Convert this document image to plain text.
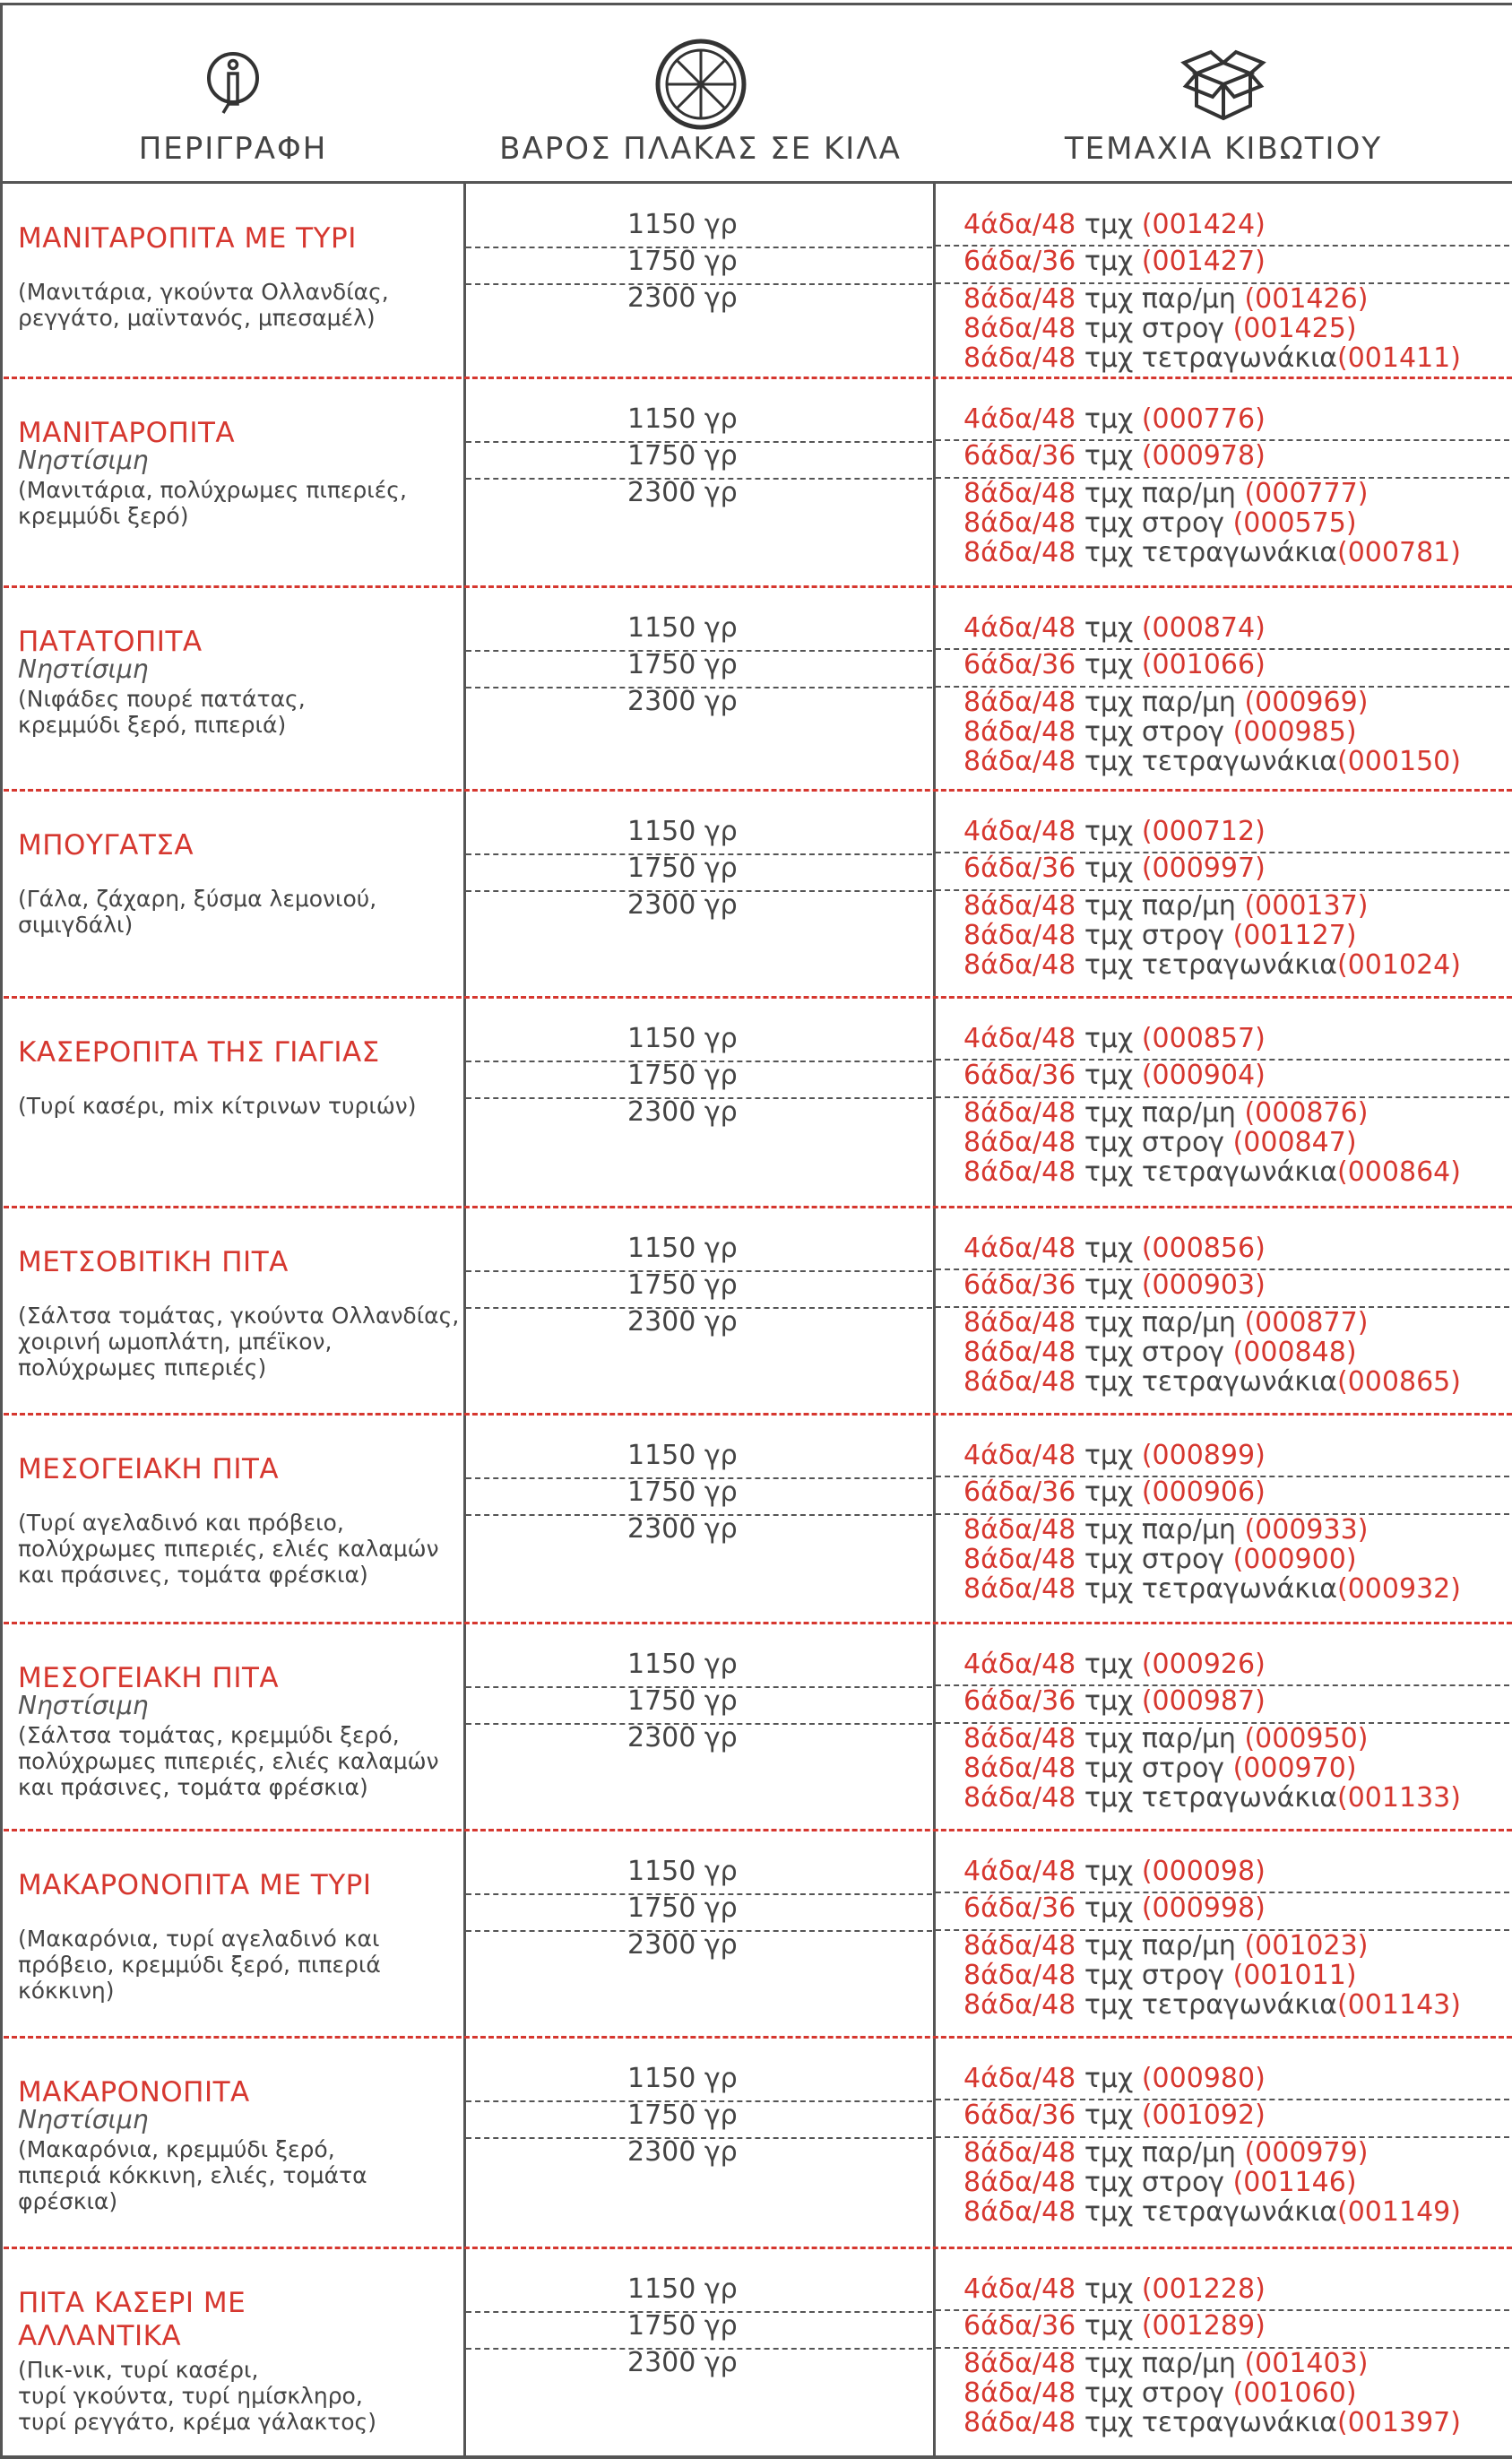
ΠΕΡΙΓΡΑΦΗ	ΒΑΡΟΣ ΠΛΑΚΑΣ ΣΕ ΚΙΛΑ	ΤΕΜΑΧΙΑ ΚΙΒΩΤΙΟΥ
ΜΑΝΙΤΑΡΟΠΙΤΑ ΜΕ ΤΥΡΙ
(Μανιτάρια, γκούντα Ολλανδίας,
ρεγγάτο, μαϊντανός, μπεσαμέλ)
1150 γρ
1750 γρ
2300 γρ
4άδα/48 τμχ (001424)
6άδα/36 τμχ (001427)
8άδα/48 τμχ παρ/μη (001426)
8άδα/48 τμχ στρογ (001425)
8άδα/48 τμχ τετραγωνάκια(001411)
ΜΑΝΙΤΑΡΟΠΙΤΑ
Νηστίσιμη
(Μανιτάρια, πολύχρωμες πιπεριές,
κρεμμύδι ξερό)
1150 γρ
1750 γρ
2300 γρ
4άδα/48 τμχ (000776)
6άδα/36 τμχ (000978)
8άδα/48 τμχ παρ/μη (000777)
8άδα/48 τμχ στρογ (000575)
8άδα/48 τμχ τετραγωνάκια(000781)
ΠΑΤΑΤΟΠΙΤΑ
Νηστίσιμη
(Νιφάδες πουρέ πατάτας,
κρεμμύδι ξερό, πιπεριά)
1150 γρ
1750 γρ
2300 γρ
4άδα/48 τμχ (000874)
6άδα/36 τμχ (001066)
8άδα/48 τμχ παρ/μη (000969)
8άδα/48 τμχ στρογ (000985)
8άδα/48 τμχ τετραγωνάκια(000150)
ΜΠΟΥΓΑΤΣΑ
(Γάλα, ζάχαρη, ξύσμα λεμονιού,
σιμιγδάλι)
1150 γρ
1750 γρ
2300 γρ
4άδα/48 τμχ (000712)
6άδα/36 τμχ (000997)
8άδα/48 τμχ παρ/μη (000137)
8άδα/48 τμχ στρογ (001127)
8άδα/48 τμχ τετραγωνάκια(001024)
ΚΑΣΕΡΟΠΙΤΑ ΤΗΣ ΓΙΑΓΙΑΣ
(Τυρί κασέρι, mix κίτρινων τυριών)
1150 γρ
1750 γρ
2300 γρ
4άδα/48 τμχ (000857)
6άδα/36 τμχ (000904)
8άδα/48 τμχ παρ/μη (000876)
8άδα/48 τμχ στρογ (000847)
8άδα/48 τμχ τετραγωνάκια(000864)
ΜΕΤΣΟΒΙΤΙΚΗ ΠΙΤΑ
(Σάλτσα τομάτας, γκούντα Ολλανδίας,
χοιρινή ωμοπλάτη, μπέϊκον,
πολύχρωμες πιπεριές)
1150 γρ
1750 γρ
2300 γρ
4άδα/48 τμχ (000856)
6άδα/36 τμχ (000903)
8άδα/48 τμχ παρ/μη (000877)
8άδα/48 τμχ στρογ (000848)
8άδα/48 τμχ τετραγωνάκια(000865)
ΜΕΣΟΓΕΙΑΚΗ ΠΙΤΑ
(Τυρί αγελαδινό και πρόβειο,
πολύχρωμες πιπεριές, ελιές καλαμών
και πράσινες, τομάτα φρέσκια)
1150 γρ
1750 γρ
2300 γρ
4άδα/48 τμχ (000899)
6άδα/36 τμχ (000906)
8άδα/48 τμχ παρ/μη (000933)
8άδα/48 τμχ στρογ (000900)
8άδα/48 τμχ τετραγωνάκια(000932)
ΜΕΣΟΓΕΙΑΚΗ ΠΙΤΑ
Νηστίσιμη
(Σάλτσα τομάτας, κρεμμύδι ξερό,
πολύχρωμες πιπεριές, ελιές καλαμών
και πράσινες, τομάτα φρέσκια)
1150 γρ
1750 γρ
2300 γρ
4άδα/48 τμχ (000926)
6άδα/36 τμχ (000987)
8άδα/48 τμχ παρ/μη (000950)
8άδα/48 τμχ στρογ (000970)
8άδα/48 τμχ τετραγωνάκια(001133)
ΜΑΚΑΡΟΝΟΠΙΤΑ ΜΕ ΤΥΡΙ
(Μακαρόνια, τυρί αγελαδινό και
πρόβειο, κρεμμύδι ξερό, πιπεριά
κόκκινη)
1150 γρ
1750 γρ
2300 γρ
4άδα/48 τμχ (000098)
6άδα/36 τμχ (000998)
8άδα/48 τμχ παρ/μη (001023)
8άδα/48 τμχ στρογ (001011)
8άδα/48 τμχ τετραγωνάκια(001143)
ΜΑΚΑΡΟΝΟΠΙΤΑ
Νηστίσιμη
(Μακαρόνια, κρεμμύδι ξερό,
πιπεριά κόκκινη, ελιές, τομάτα
φρέσκια)
1150 γρ
1750 γρ
2300 γρ
4άδα/48 τμχ (000980)
6άδα/36 τμχ (001092)
8άδα/48 τμχ παρ/μη (000979)
8άδα/48 τμχ στρογ (001146)
8άδα/48 τμχ τετραγωνάκια(001149)
ΠΙΤΑ ΚΑΣΕΡΙ ΜΕ
ΑΛΛΑΝΤΙΚΑ
(Πικ-νικ, τυρί κασέρι,
τυρί γκούντα, τυρί ημίσκληρο,
τυρί ρεγγάτο, κρέμα γάλακτος)
1150 γρ
1750 γρ
2300 γρ
4άδα/48 τμχ (001228)
6άδα/36 τμχ (001289)
8άδα/48 τμχ παρ/μη (001403)
8άδα/48 τμχ στρογ (001060)
8άδα/48 τμχ τετραγωνάκια(001397)
